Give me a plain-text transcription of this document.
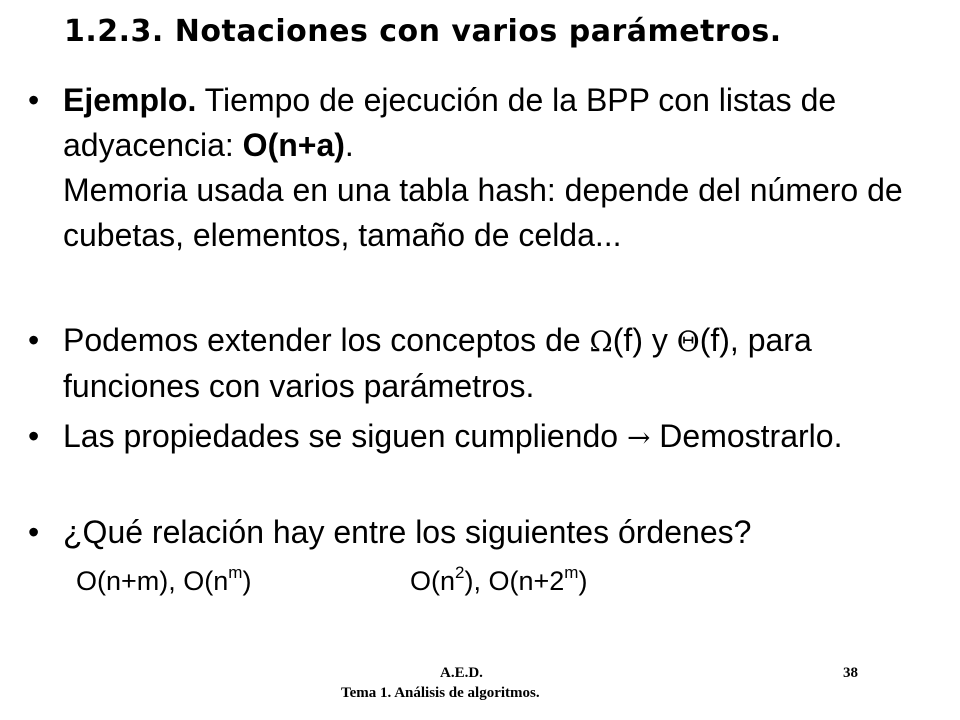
1.2.3. Notaciones con varios parámetros.
• Ejemplo. Tiempo de ejecución de la BPP con listas de adyacencia: O(n+a).
Memoria usada en una tabla hash: depende del número de cubetas, elementos, tamaño de celda...
• Podemos extender los conceptos de Ω(f) y Θ(f), para funciones con varios parámetros.
• Las propiedades se siguen cumpliendo → Demostrarlo.
• ¿Qué relación hay entre los siguientes órdenes?
O(n+m), $O(n^m)$	$O(n^2)$, $O(n+2^m)$
A.E.D.
Tema 1. Análisis de algoritmos.
38
